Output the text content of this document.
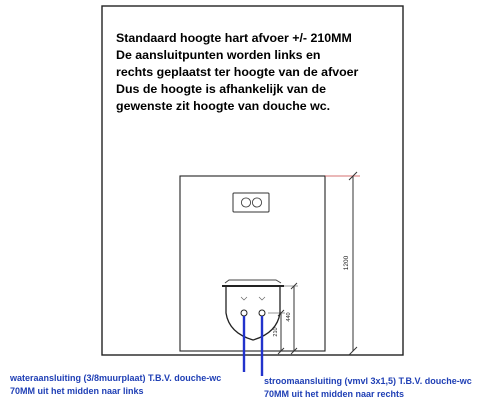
1200
440
210

Standaard hoogte hart afvoer +/- 210MM
De aansluitpunten worden links en
rechts geplaatst ter hoogte van de afvoer
Dus de hoogte is afhankelijk van de
gewenste zit hoogte van douche wc.

wateraansluiting (3/8muurplaat) T.B.V. douche-wc
70MM uit het midden naar links

stroomaansluiting (vmvl 3x1,5) T.B.V. douche-wc
70MM uit het midden naar rechts
